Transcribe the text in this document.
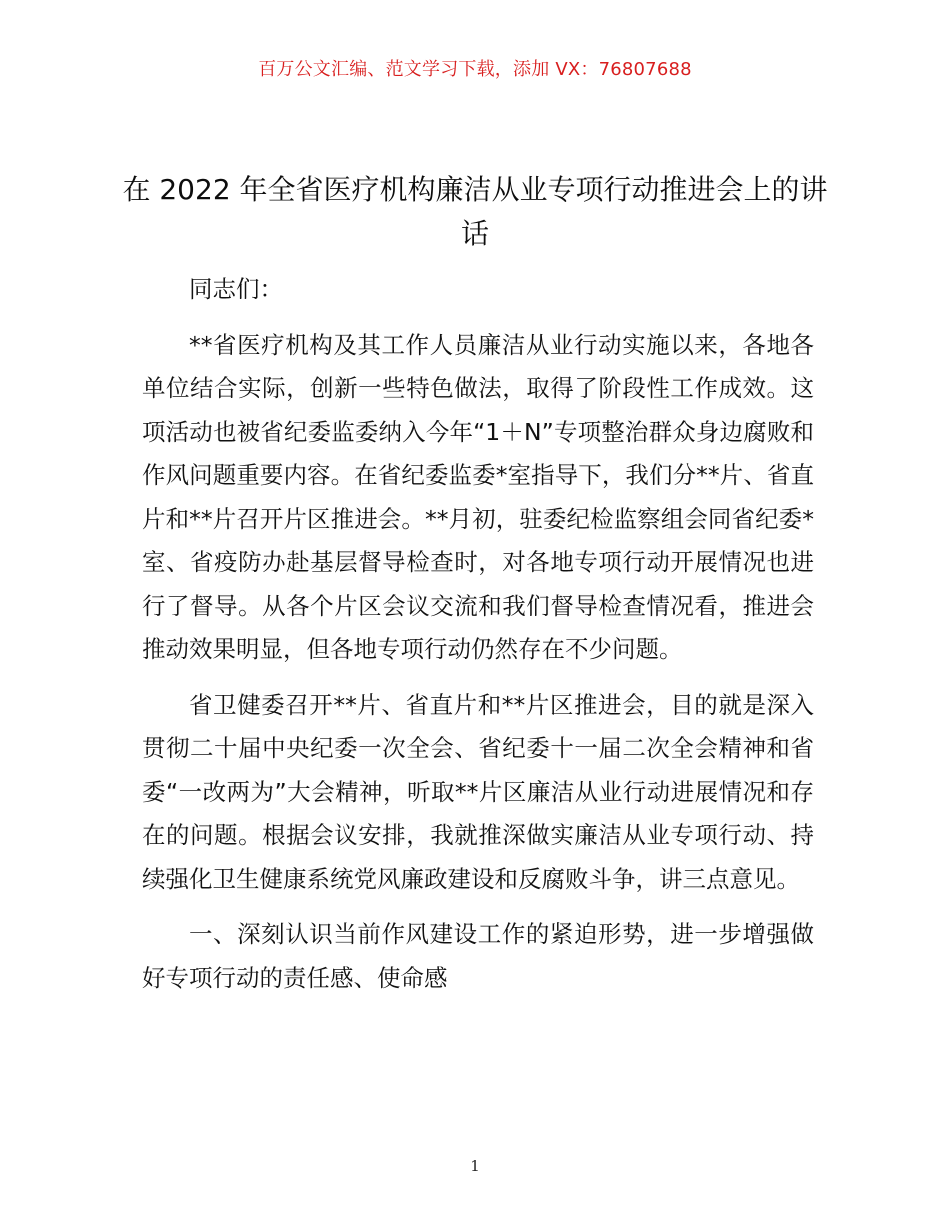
百万公文汇编、范文学习下载，添加 VX：76807688
在 2022 年全省医疗机构廉洁从业专项行动推进会上的讲话

同志们：

**省医疗机构及其工作人员廉洁从业行动实施以来，各地各单位结合实际，创新一些特色做法，取得了阶段性工作成效。这项活动也被省纪委监委纳入今年“1＋N”专项整治群众身边腐败和作风问题重要内容。在省纪委监委*室指导下，我们分**片、省直片和**片召开片区推进会。**月初，驻委纪检监察组会同省纪委*室、省疫防办赴基层督导检查时，对各地专项行动开展情况也进行了督导。从各个片区会议交流和我们督导检查情况看，推进会推动效果明显，但各地专项行动仍然存在不少问题。

省卫健委召开**片、省直片和**片区推进会，目的就是深入贯彻二十届中央纪委一次全会、省纪委十一届二次全会精神和省委“一改两为”大会精神，听取**片区廉洁从业行动进展情况和存在的问题。根据会议安排，我就推深做实廉洁从业专项行动、持续强化卫生健康系统党风廉政建设和反腐败斗争，讲三点意见。

一、深刻认识当前作风建设工作的紧迫形势，进一步增强做好专项行动的责任感、使命感

1
